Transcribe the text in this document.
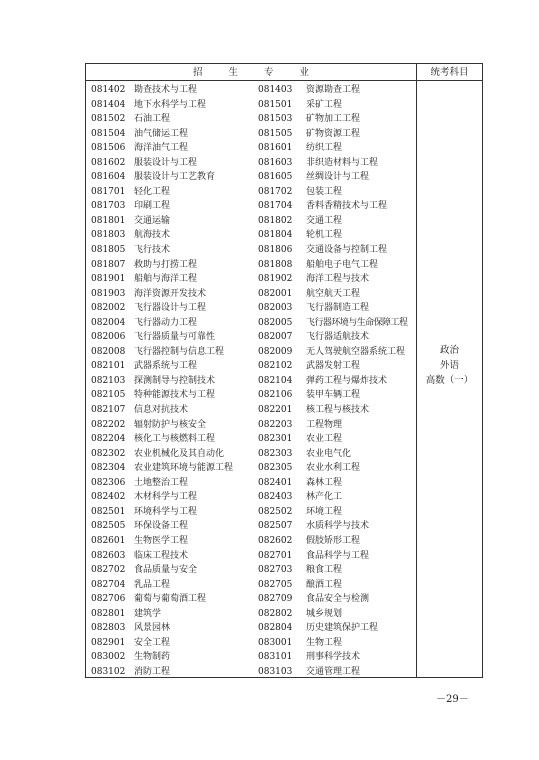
招	生	专	业	统考科目
081402 勘查技术与工程	081403 资源勘查工程
081404 地下水科学与工程	081501 采矿工程
081502 石油工程	081503 矿物加工工程
081504 油气储运工程	081505 矿物资源工程
081506 海洋油气工程	081601 纺织工程
081602 服装设计与工程	081603 非织造材料与工程
081604 服装设计与工艺教育	081605 丝绸设计与工程
081701 轻化工程	081702 包装工程
081703 印刷工程	081704 香料香精技术与工程
081801 交通运输	081802 交通工程
081803 航海技术	081804 轮机工程
081805 飞行技术	081806 交通设备与控制工程
081807 救助与打捞工程	081808 船舶电子电气工程
081901 船舶与海洋工程	081902 海洋工程与技术
081903 海洋资源开发技术	082001 航空航天工程
082002 飞行器设计与工程	082003 飞行器制造工程
082004 飞行器动力工程	082005 飞行器环境与生命保障工程
082006 飞行器质量与可靠性	082007 飞行器适航技术
082008 飞行器控制与信息工程	082009 无人驾驶航空器系统工程
082101 武器系统与工程	082102 武器发射工程
082103 探测制导与控制技术	082104 弹药工程与爆炸技术
082105 特种能源技术与工程	082106 装甲车辆工程
082107 信息对抗技术	082201 核工程与核技术
082202 辐射防护与核安全	082203 工程物理
082204 核化工与核燃料工程	082301 农业工程
082302 农业机械化及其自动化	082303 农业电气化
082304 农业建筑环境与能源工程	082305 农业水利工程
082306 土地整治工程	082401 森林工程
082402 木材科学与工程	082403 林产化工
082501 环境科学与工程	082502 环境工程
082505 环保设备工程	082507 水质科学与技术
082601 生物医学工程	082602 假肢矫形工程
082603 临床工程技术	082701 食品科学与工程
082702 食品质量与安全	082703 粮食工程
082704 乳品工程	082705 酿酒工程
082706 葡萄与葡萄酒工程	082709 食品安全与检测
082801 建筑学	082802 城乡规划
082803 风景园林	082804 历史建筑保护工程
082901 安全工程	083001 生物工程
083002 生物制药	083101 刑事科学技术
083102 消防工程	083103 交通管理工程
政治
外语
高数（一）
－29－
